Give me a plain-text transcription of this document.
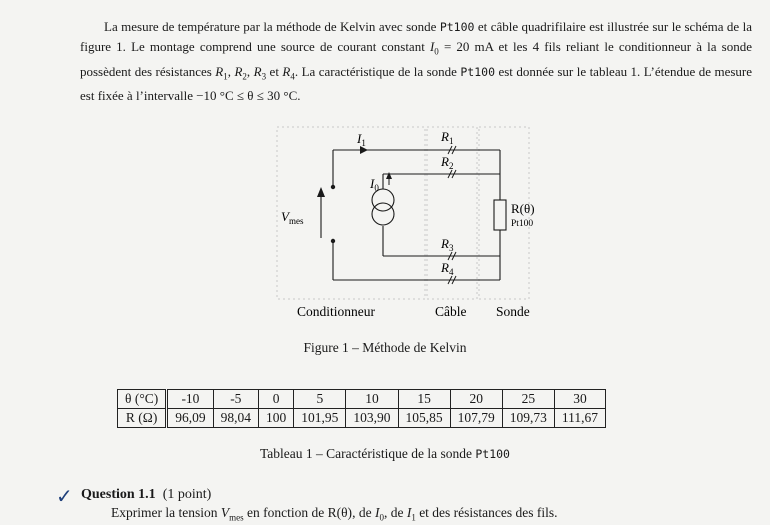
La mesure de température par la méthode de Kelvin avec sonde Pt100 et câble quadrifilaire est illustrée sur le schéma de la figure 1. Le montage comprend une source de courant constant $I_0 = 20$ mA et les 4 fils reliant le conditionneur à la sonde possèdent des résistances $R_1$, $R_2$, $R_3$ et $R_4$. La caractéristique de la sonde Pt100 est donnée sur le tableau 1. L’étendue de mesure est fixée à l’intervalle −10 °C ≤ θ ≤ 30 °C.
$I_1$	$R_1$
$R_2$
$I_0$
$V_{mes}$
R(θ)
Pt100
$R_3$
$R_4$
Conditionneur	Câble Sonde
Figure 1 – Méthode de Kelvin
θ (°C)	-10	-5	0	5	10	15	20	25	30
R (Ω)	96,09	98,04	100	101,95	103,90	105,85	107,79	109,73	111,67
Tableau 1 – Caractéristique de la sonde Pt100
✓ Question 1.1 (1 point)
Exprimer la tension $V_{mes}$ en fonction de R(θ), de $I_0$, de $I_1$ et des résistances des fils.
